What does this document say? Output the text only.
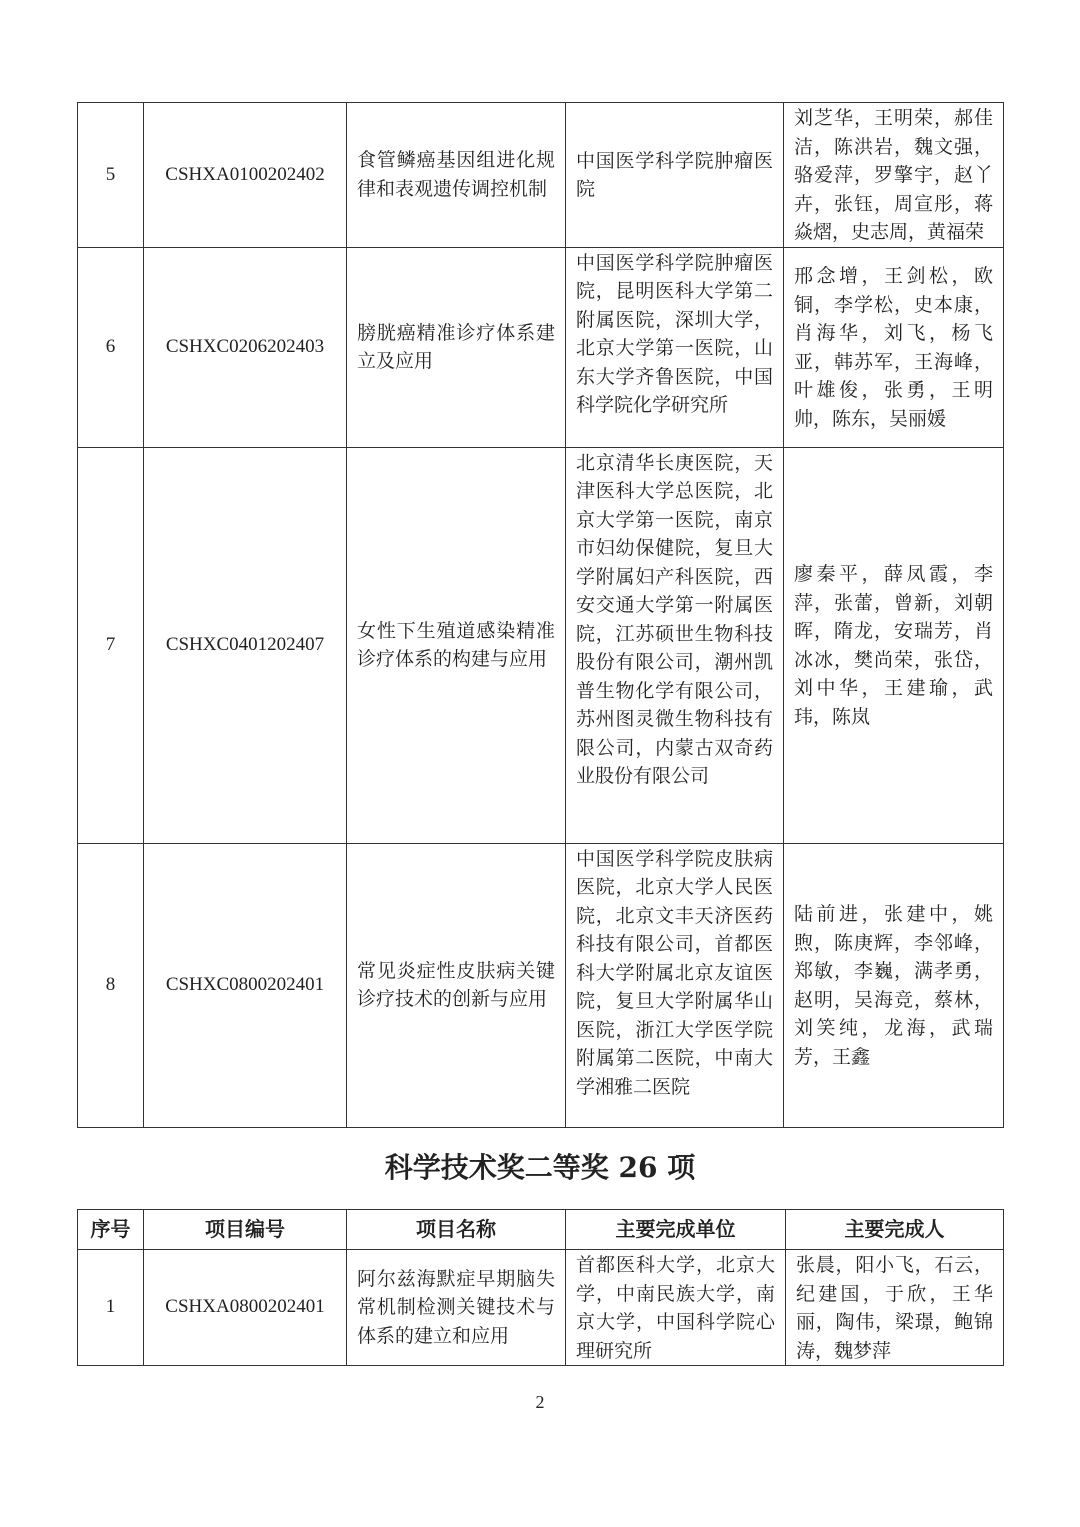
5	CSHXA0100202402	食管鳞癌基因组进化规律和表观遗传调控机制	中国医学科学院肿瘤医院	刘芝华，王明荣，郝佳洁，陈洪岩，魏文强，骆爱萍，罗擎宇，赵丫卉，张钰，周宣彤，蒋焱熠，史志周，黄福荣
6	CSHXC0206202403	膀胱癌精准诊疗体系建立及应用	中国医学科学院肿瘤医院，昆明医科大学第二附属医院，深圳大学，北京大学第一医院，山东大学齐鲁医院，中国科学院化学研究所	邢念增，王剑松，欧铜，李学松，史本康，肖海华，刘飞，杨飞亚，韩苏军，王海峰，叶雄俊，张勇，王明帅，陈东，吴丽媛
7	CSHXC0401202407	女性下生殖道感染精准诊疗体系的构建与应用	北京清华长庚医院，天津医科大学总医院，北京大学第一医院，南京市妇幼保健院，复旦大学附属妇产科医院，西安交通大学第一附属医院，江苏硕世生物科技股份有限公司，潮州凯普生物化学有限公司，苏州图灵微生物科技有限公司，内蒙古双奇药业股份有限公司	廖秦平，薛凤霞，李萍，张蕾，曾新，刘朝晖，隋龙，安瑞芳，肖冰冰，樊尚荣，张岱，刘中华，王建瑜，武玮，陈岚
8	CSHXC0800202401	常见炎症性皮肤病关键诊疗技术的创新与应用	中国医学科学院皮肤病医院，北京大学人民医院，北京文丰天济医药科技有限公司，首都医科大学附属北京友谊医院，复旦大学附属华山医院，浙江大学医学院附属第二医院，中南大学湘雅二医院	陆前进，张建中，姚煦，陈庚辉，李邻峰，郑敏，李巍，满孝勇，赵明，吴海竞，蔡林，刘笑纯，龙海，武瑞芳，王鑫
科学技术奖二等奖 26 项
序号	项目编号	项目名称	主要完成单位	主要完成人
1	CSHXA0800202401	阿尔兹海默症早期脑失常机制检测关键技术与体系的建立和应用	首都医科大学，北京大学，中南民族大学，南京大学，中国科学院心理研究所	张晨，阳小飞，石云，纪建国，于欣，王华丽，陶伟，梁璟，鲍锦涛，魏梦萍
2
